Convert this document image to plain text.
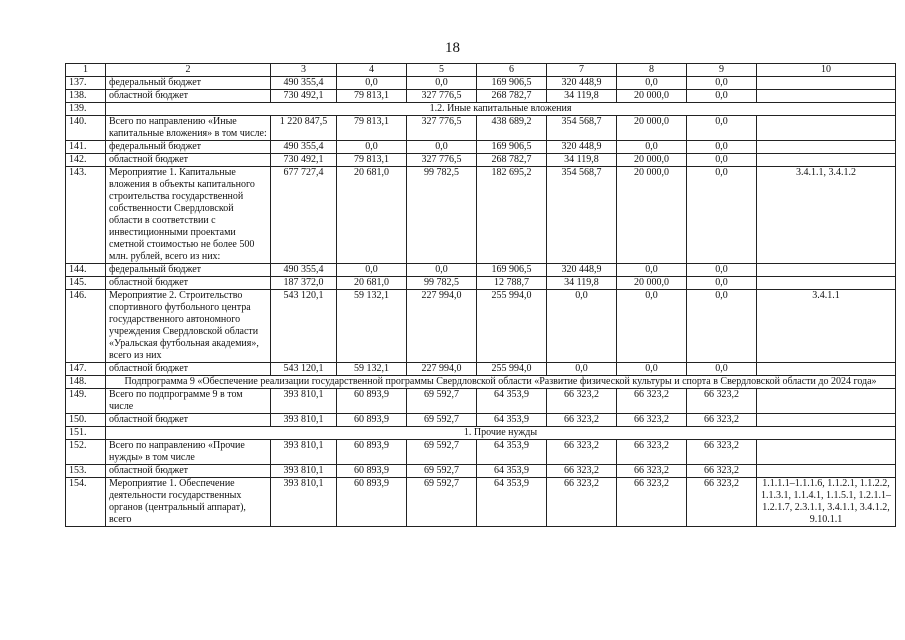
18
1	2	3	4	5	6	7	8	9	10
137.	федеральный бюджет	490 355,4	0,0	0,0	169 906,5	320 448,9	0,0	0,0	
138.	областной бюджет	730 492,1	79 813,1	327 776,5	268 782,7	34 119,8	20 000,0	0,0	
139.	1.2. Иные капитальные вложения								
140.	Всего по направлению «Иные капитальные вложения» в том числе:	1 220 847,5	79 813,1	327 776,5	438 689,2	354 568,7	20 000,0	0,0	
141.	федеральный бюджет	490 355,4	0,0	0,0	169 906,5	320 448,9	0,0	0,0	
142.	областной бюджет	730 492,1	79 813,1	327 776,5	268 782,7	34 119,8	20 000,0	0,0	
143.	Мероприятие 1. Капитальные вложения в объекты капитального строительства государственной собственности Свердловской области в соответствии с инвестиционными проектами сметной стоимостью не более 500 млн. рублей, всего из них:	677 727,4	20 681,0	99 782,5	182 695,2	354 568,7	20 000,0	0,0	3.4.1.1, 3.4.1.2
144.	федеральный бюджет	490 355,4	0,0	0,0	169 906,5	320 448,9	0,0	0,0	
145.	областной бюджет	187 372,0	20 681,0	99 782,5	12 788,7	34 119,8	20 000,0	0,0	
146.	Мероприятие 2. Строительство спортивного футбольного центра государственного автономного учреждения Свердловской области «Уральская футбольная академия», всего из них	543 120,1	59 132,1	227 994,0	255 994,0	0,0	0,0	0,0	3.4.1.1
147.	областной бюджет	543 120,1	59 132,1	227 994,0	255 994,0	0,0	0,0	0,0	
148.	Подпрограмма 9 «Обеспечение реализации государственной программы Свердловской области «Развитие физической культуры и спорта в Свердловской области до 2024 года»								
149.	Всего по подпрограмме 9 в том числе	393 810,1	60 893,9	69 592,7	64 353,9	66 323,2	66 323,2	66 323,2	
150.	областной бюджет	393 810,1	60 893,9	69 592,7	64 353,9	66 323,2	66 323,2	66 323,2	
151.	1. Прочие нужды								
152.	Всего по направлению «Прочие нужды» в том числе	393 810,1	60 893,9	69 592,7	64 353,9	66 323,2	66 323,2	66 323,2	
153.	областной бюджет	393 810,1	60 893,9	69 592,7	64 353,9	66 323,2	66 323,2	66 323,2	
154.	Мероприятие 1. Обеспечение деятельности государственных органов (центральный аппарат), всего	393 810,1	60 893,9	69 592,7	64 353,9	66 323,2	66 323,2	66 323,2	1.1.1.1–1.1.1.6, 1.1.2.1, 1.1.2.2, 1.1.3.1, 1.1.4.1, 1.1.5.1, 1.2.1.1–1.2.1.7, 2.3.1.1, 3.4.1.1, 3.4.1.2, 9.10.1.1
